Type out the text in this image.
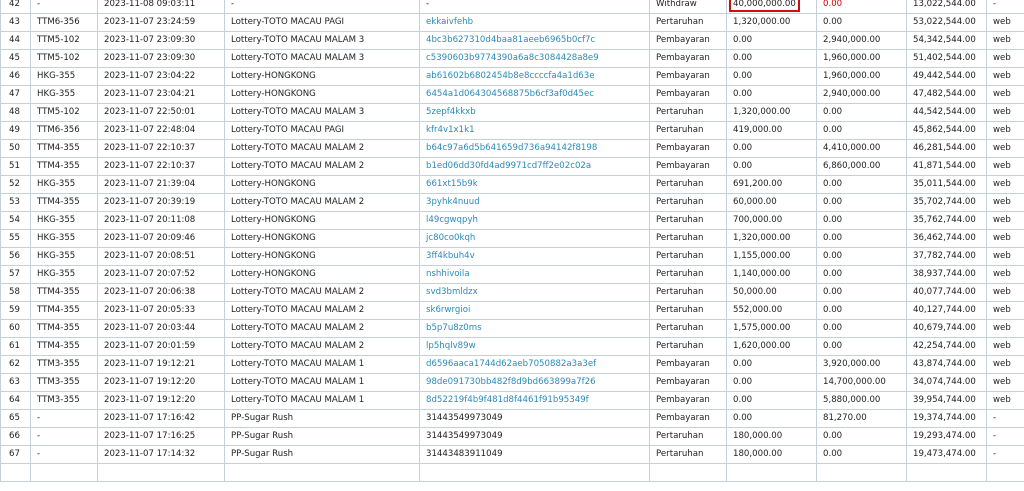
42	-	2023-11-08 09:03:11	-	-	Withdraw	40,000,000.00	0.00	13,022,544.00	-
43	TTM6-356	2023-11-07 23:24:59	Lottery-TOTO MACAU PAGI	ekkaivfehb	Pertaruhan	1,320,000.00	0.00	53,022,544.00	web
44	TTM5-102	2023-11-07 23:09:30	Lottery-TOTO MACAU MALAM 3	4bc3b627310d4baa81aeeb6965b0cf7c	Pembayaran	0.00	2,940,000.00	54,342,544.00	web
45	TTM5-102	2023-11-07 23:09:30	Lottery-TOTO MACAU MALAM 3	c5390603b9774390a6a8c3084428a8e9	Pembayaran	0.00	1,960,000.00	51,402,544.00	web
46	HKG-355	2023-11-07 23:04:22	Lottery-HONGKONG	ab61602b6802454b8e8ccccfa4a1d63e	Pembayaran	0.00	1,960,000.00	49,442,544.00	web
47	HKG-355	2023-11-07 23:04:21	Lottery-HONGKONG	6454a1d064304568875b6cf3af0d45ec	Pembayaran	0.00	2,940,000.00	47,482,544.00	web
48	TTM5-102	2023-11-07 22:50:01	Lottery-TOTO MACAU MALAM 3	5zepf4kkxb	Pertaruhan	1,320,000.00	0.00	44,542,544.00	web
49	TTM6-356	2023-11-07 22:48:04	Lottery-TOTO MACAU PAGI	kfr4v1x1k1	Pertaruhan	419,000.00	0.00	45,862,544.00	web
50	TTM4-355	2023-11-07 22:10:37	Lottery-TOTO MACAU MALAM 2	b64c97a6d5b641659d736a94142f8198	Pembayaran	0.00	4,410,000.00	46,281,544.00	web
51	TTM4-355	2023-11-07 22:10:37	Lottery-TOTO MACAU MALAM 2	b1ed06dd30fd4ad9971cd7ff2e02c02a	Pembayaran	0.00	6,860,000.00	41,871,544.00	web
52	HKG-355	2023-11-07 21:39:04	Lottery-HONGKONG	661xt15b9k	Pertaruhan	691,200.00	0.00	35,011,544.00	web
53	TTM4-355	2023-11-07 20:39:19	Lottery-TOTO MACAU MALAM 2	3pyhk4nuud	Pertaruhan	60,000.00	0.00	35,702,744.00	web
54	HKG-355	2023-11-07 20:11:08	Lottery-HONGKONG	l49cgwqpyh	Pertaruhan	700,000.00	0.00	35,762,744.00	web
55	HKG-355	2023-11-07 20:09:46	Lottery-HONGKONG	jc80co0kqh	Pertaruhan	1,320,000.00	0.00	36,462,744.00	web
56	HKG-355	2023-11-07 20:08:51	Lottery-HONGKONG	3ff4kbuh4v	Pertaruhan	1,155,000.00	0.00	37,782,744.00	web
57	HKG-355	2023-11-07 20:07:52	Lottery-HONGKONG	nshhivoila	Pertaruhan	1,140,000.00	0.00	38,937,744.00	web
58	TTM4-355	2023-11-07 20:06:38	Lottery-TOTO MACAU MALAM 2	svd3bmldzx	Pertaruhan	50,000.00	0.00	40,077,744.00	web
59	TTM4-355	2023-11-07 20:05:33	Lottery-TOTO MACAU MALAM 2	sk6rwrgioi	Pertaruhan	552,000.00	0.00	40,127,744.00	web
60	TTM4-355	2023-11-07 20:03:44	Lottery-TOTO MACAU MALAM 2	b5p7u8z0ms	Pertaruhan	1,575,000.00	0.00	40,679,744.00	web
61	TTM4-355	2023-11-07 20:01:59	Lottery-TOTO MACAU MALAM 2	lp5hqlv89w	Pertaruhan	1,620,000.00	0.00	42,254,744.00	web
62	TTM3-355	2023-11-07 19:12:21	Lottery-TOTO MACAU MALAM 1	d6596aaca1744d62aeb7050882a3a3ef	Pembayaran	0.00	3,920,000.00	43,874,744.00	web
63	TTM3-355	2023-11-07 19:12:20	Lottery-TOTO MACAU MALAM 1	98de091730bb482f8d9bd663899a7f26	Pembayaran	0.00	14,700,000.00	34,074,744.00	web
64	TTM3-355	2023-11-07 19:12:20	Lottery-TOTO MACAU MALAM 1	8d52219f4b9f481d8f4461f91b95349f	Pembayaran	0.00	5,880,000.00	39,954,744.00	web
65	-	2023-11-07 17:16:42	PP-Sugar Rush	31443549973049	Pembayaran	0.00	81,270.00	19,374,744.00	-
66	-	2023-11-07 17:16:25	PP-Sugar Rush	31443549973049	Pertaruhan	180,000.00	0.00	19,293,474.00	-
67	-	2023-11-07 17:14:32	PP-Sugar Rush	31443483911049	Pertaruhan	180,000.00	0.00	19,473,474.00	-
